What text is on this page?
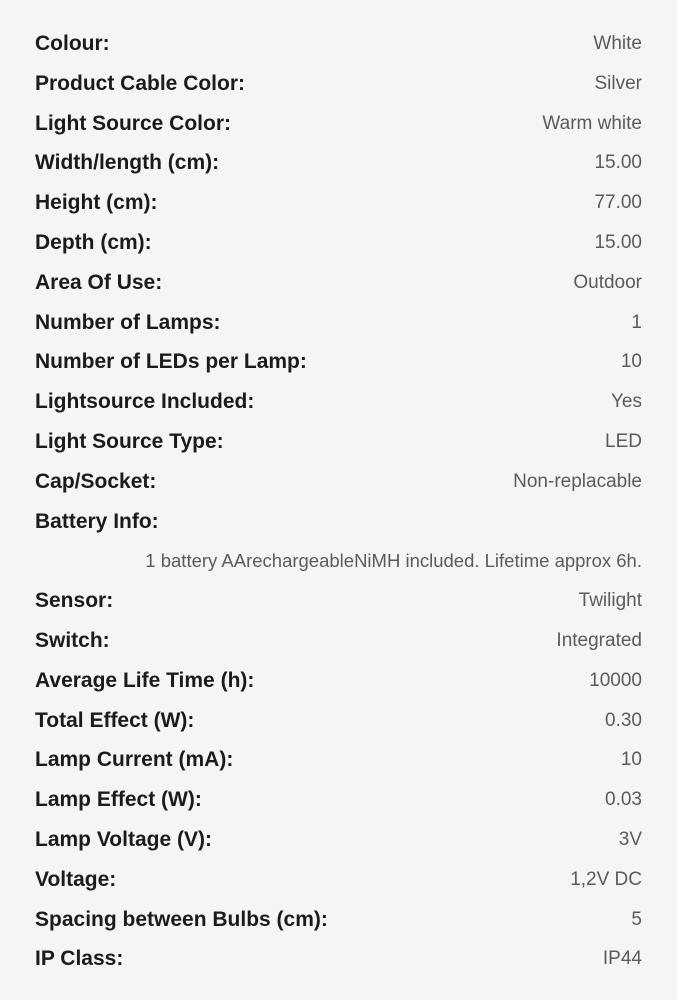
Colour:	White
Product Cable Color:	Silver
Light Source Color:	Warm white
Width/length (cm):	15.00
Height (cm):	77.00
Depth (cm):	15.00
Area Of Use:	Outdoor
Number of Lamps:	1
Number of LEDs per Lamp:	10
Lightsource Included:	Yes
Light Source Type:	LED
Cap/Socket:	Non-replacable
Battery Info:
1 battery AArechargeableNiMH included. Lifetime approx 6h.
Sensor:	Twilight
Switch:	Integrated
Average Life Time (h):	10000
Total Effect (W):	0.30
Lamp Current (mA):	10
Lamp Effect (W):	0.03
Lamp Voltage (V):	3V
Voltage:	1,2V DC
Spacing between Bulbs (cm):	5
IP Class:	IP44
